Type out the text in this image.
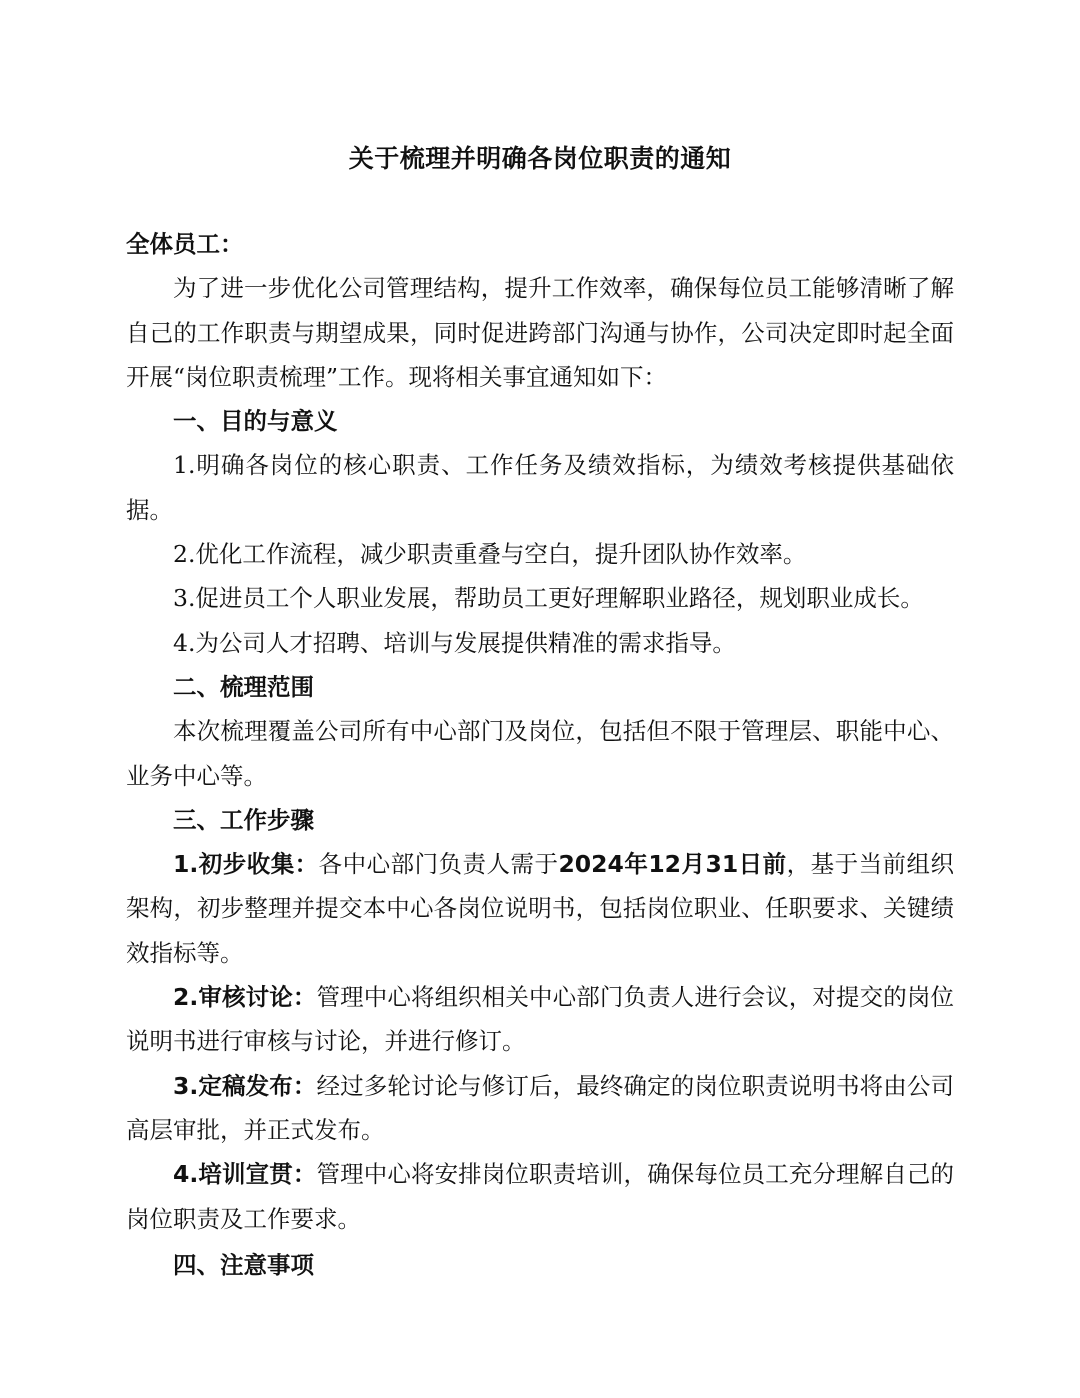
关于梳理并明确各岗位职责的通知

全体员工：

为了进一步优化公司管理结构，提升工作效率，确保每位员工能够清晰了解自己的工作职责与期望成果，同时促进跨部门沟通与协作，公司决定即时起全面开展“岗位职责梳理”工作。现将相关事宜通知如下：

一、目的与意义

1.明确各岗位的核心职责、工作任务及绩效指标，为绩效考核提供基础依据。

2.优化工作流程，减少职责重叠与空白，提升团队协作效率。

3.促进员工个人职业发展，帮助员工更好理解职业路径，规划职业成长。

4.为公司人才招聘、培训与发展提供精准的需求指导。

二、梳理范围

本次梳理覆盖公司所有中心部门及岗位，包括但不限于管理层、职能中心、业务中心等。

三、工作步骤

1.初步收集：各中心部门负责人需于2024年12月31日前，基于当前组织架构，初步整理并提交本中心各岗位说明书，包括岗位职业、任职要求、关键绩效指标等。

2.审核讨论：管理中心将组织相关中心部门负责人进行会议，对提交的岗位说明书进行审核与讨论，并进行修订。

3.定稿发布：经过多轮讨论与修订后，最终确定的岗位职责说明书将由公司高层审批，并正式发布。

4.培训宣贯：管理中心将安排岗位职责培训，确保每位员工充分理解自己的岗位职责及工作要求。

四、注意事项
